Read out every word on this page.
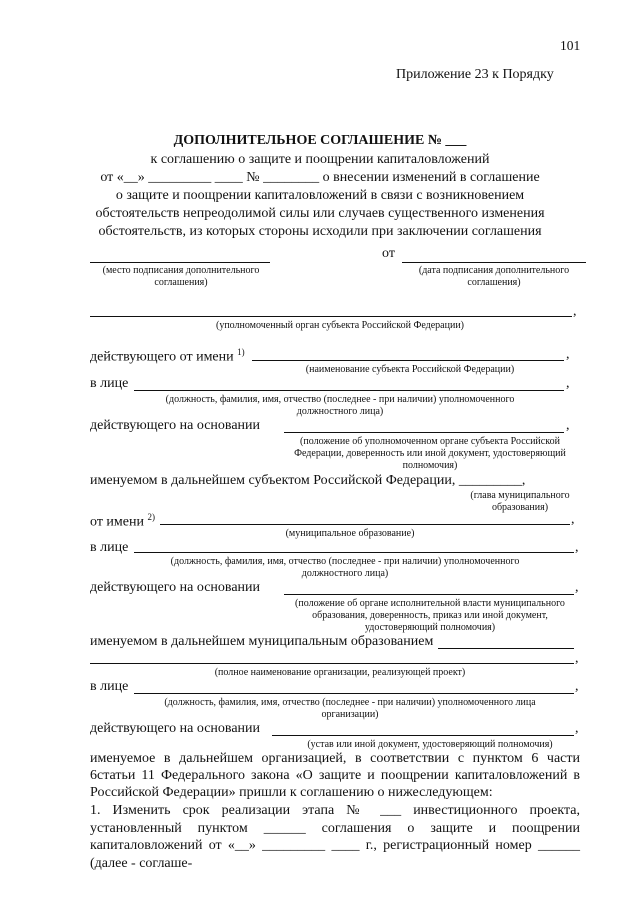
101
Приложение 23 к Порядку
ДОПОЛНИТЕЛЬНОЕ СОГЛАШЕНИЕ № ___
к соглашению о защите и поощрении капиталовложений
от «__» _________ ____ № ________ о внесении изменений в соглашение
о защите и поощрении капиталовложений в связи с возникновением
обстоятельств непреодолимой силы или случаев существенного изменения
обстоятельств, из которых стороны исходили при заключении соглашения
(место подписания дополнительного соглашения)
от
(дата подписания дополнительного соглашения)
,
(уполномоченный орган субъекта Российской Федерации)
действующего от имени $^{1)}$	,
(наименование субъекта Российской Федерации)
в лице	,
(должность, фамилия, имя, отчество (последнее - при наличии) уполномоченного должностного лица)
действующего на основании	,
(положение об уполномоченном органе субъекта Российской Федерации, доверенность или иной документ, удостоверяющий полномочия)
именуемом в дальнейшем субъектом Российской Федерации, _________,
(глава муниципального образования)
от имени $^{2)}$	,
(муниципальное образование)
в лице	,
(должность, фамилия, имя, отчество (последнее - при наличии) уполномоченного должностного лица)
действующего на основании	,
(положение об органе исполнительной власти муниципального образования, доверенность, приказ или иной документ, удостоверяющий полномочия)
именуемом в дальнейшем муниципальным образованием
,
(полное наименование организации, реализующей проект)
в лице	,
(должность, фамилия, имя, отчество (последнее - при наличии) уполномоченного лица организации)
действующего на основании	,
(устав или иной документ, удостоверяющий полномочия)
именуемое в дальнейшем организацией, в соответствии с пунктом 6 части 6статьи 11 Федерального закона «О защите и поощрении капиталовложений в Российской Федерации» пришли к соглашению о нижеследующем:
1. Изменить срок реализации этапа № ___ инвестиционного проекта, установленный пунктом ______ соглашения о защите и поощрении капиталовложений от «__» _________ ____ г., регистрационный номер ______ (далее - соглаше-
